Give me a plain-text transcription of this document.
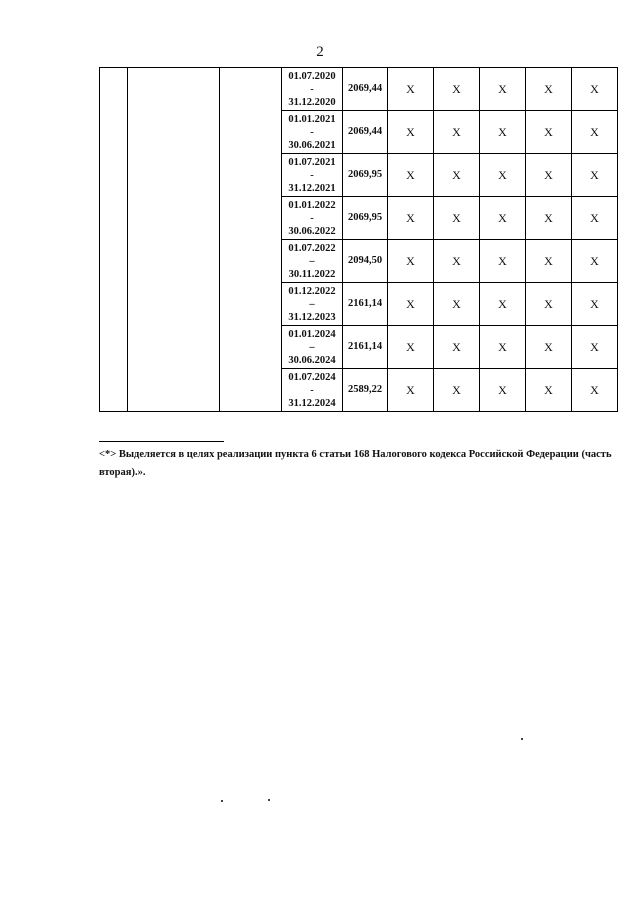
2

			01.07.2020
-
31.12.2020	2069,44	X	X	X	X	X

			01.01.2021
-
30.06.2021	2069,44	X	X	X	X	X

			01.07.2021
-
31.12.2021	2069,95	X	X	X	X	X

			01.01.2022
-
30.06.2022	2069,95	X	X	X	X	X

			01.07.2022
–
30.11.2022	2094,50	X	X	X	X	X

			01.12.2022
–
31.12.2023	2161,14	X	X	X	X	X

			01.01.2024
–
30.06.2024	2161,14	X	X	X	X	X

			01.07.2024
-
31.12.2024	2589,22	X	X	X	X	X
<*> Выделяется в целях реализации пункта 6 статьи 168 Налогового кодекса Российской Федерации (часть вторая).».
